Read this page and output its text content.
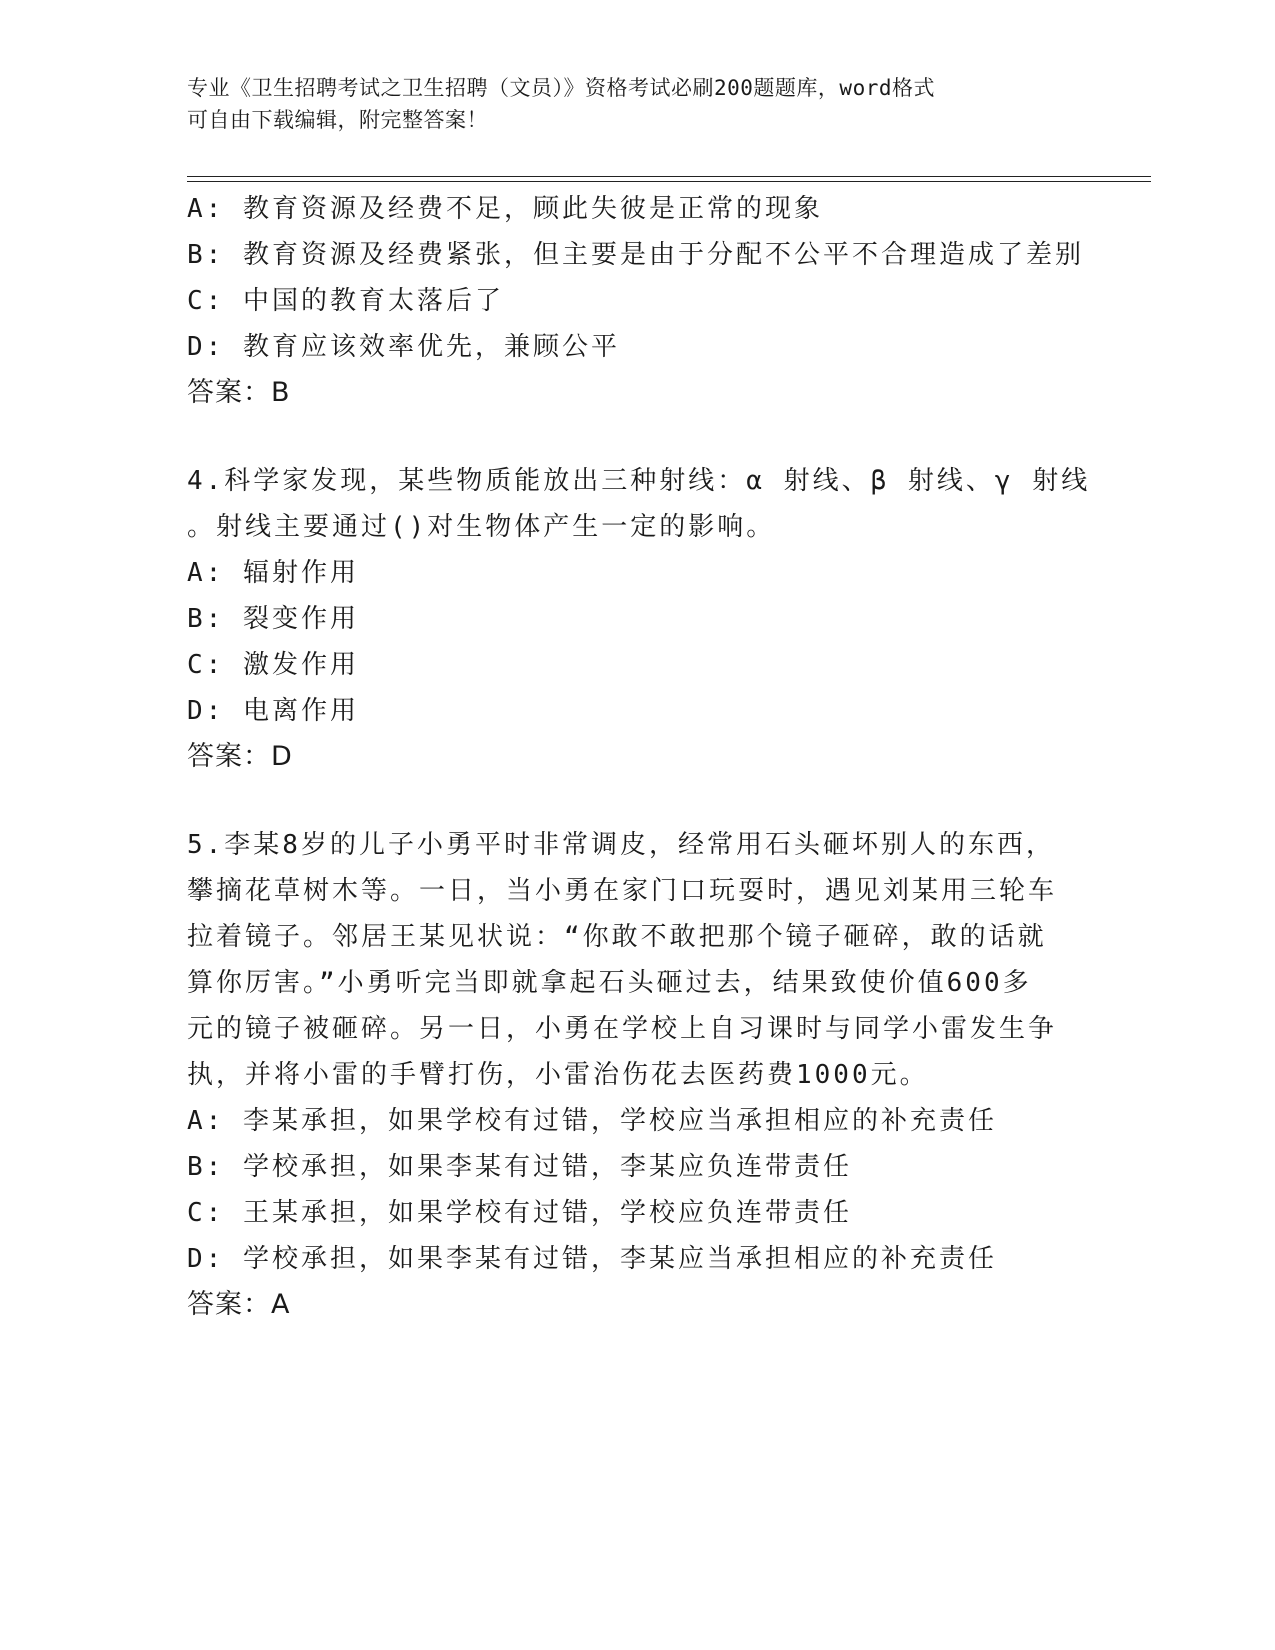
专业《卫生招聘考试之卫生招聘（文员）》资格考试必刷200题题库，word格式
可自由下载编辑，附完整答案！
A: 教育资源及经费不足，顾此失彼是正常的现象
B: 教育资源及经费紧张，但主要是由于分配不公平不合理造成了差别
C: 中国的教育太落后了
D: 教育应该效率优先，兼顾公平
答案：B
4.科学家发现，某些物质能放出三种射线：α 射线、β 射线、γ 射线
。射线主要通过()对生物体产生一定的影响。
A: 辐射作用
B: 裂变作用
C: 激发作用
D: 电离作用
答案：D
5.李某8岁的儿子小勇平时非常调皮，经常用石头砸坏别人的东西，
攀摘花草树木等。一日，当小勇在家门口玩耍时，遇见刘某用三轮车
拉着镜子。邻居王某见状说：“你敢不敢把那个镜子砸碎，敢的话就
算你厉害。”小勇听完当即就拿起石头砸过去，结果致使价值600多
元的镜子被砸碎。另一日，小勇在学校上自习课时与同学小雷发生争
执，并将小雷的手臂打伤，小雷治伤花去医药费1000元。
A: 李某承担，如果学校有过错，学校应当承担相应的补充责任
B: 学校承担，如果李某有过错，李某应负连带责任
C: 王某承担，如果学校有过错，学校应负连带责任
D: 学校承担，如果李某有过错，李某应当承担相应的补充责任
答案：A
